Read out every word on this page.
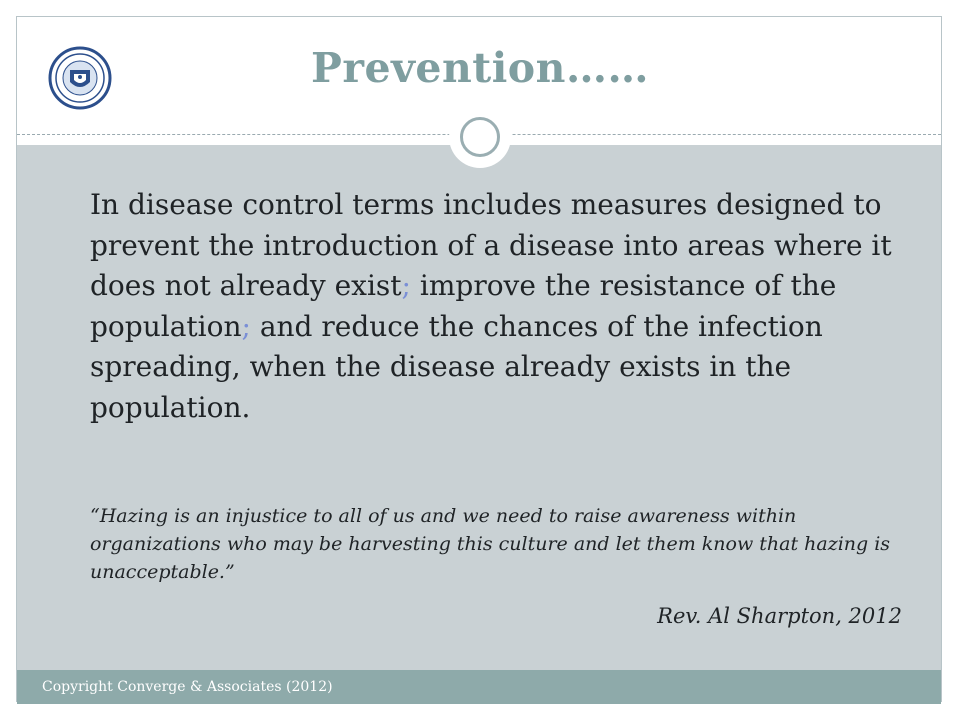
Prevention……
In disease control terms includes measures designed to prevent the introduction of a disease into areas where it does not already exist; improve the resistance of the population; and reduce the chances of the infection spreading, when the disease already exists in the population.
“Hazing is an injustice to all of us and we need to raise awareness within organizations who may be harvesting this culture and let them know that hazing is unacceptable.”
Rev. Al Sharpton, 2012
Copyright Converge & Associates (2012)
